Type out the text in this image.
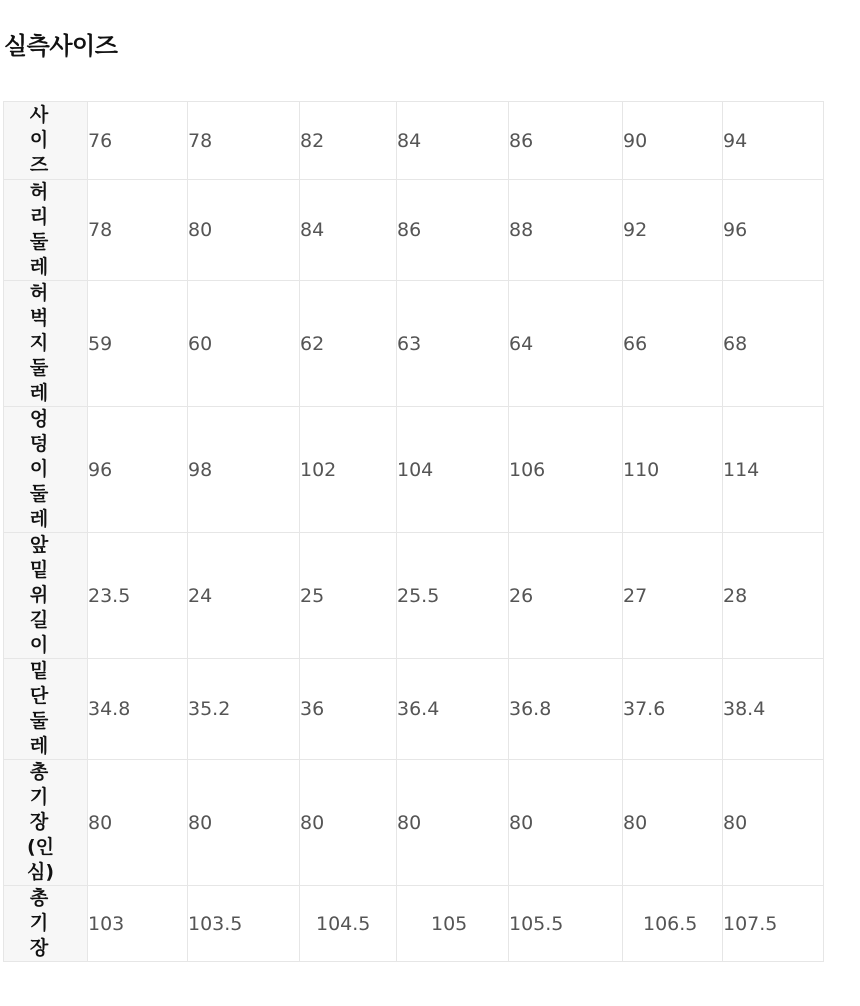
실측사이즈
사이즈	76	78	82	84	86	90	94

허리둘레	78	80	84	86	88	92	96

허벅지둘레	59	60	62	63	64	66	68

엉덩이둘레	96	98	102	104	106	110	114

앞밑위길이	23.5	24	25	25.5	26	27	28

밑단둘레	34.8	35.2	36	36.4	36.8	37.6	38.4

총기장(인심)	80	80	80	80	80	80	80

총기장	103	103.5	104.5	105	105.5	106.5	107.5
